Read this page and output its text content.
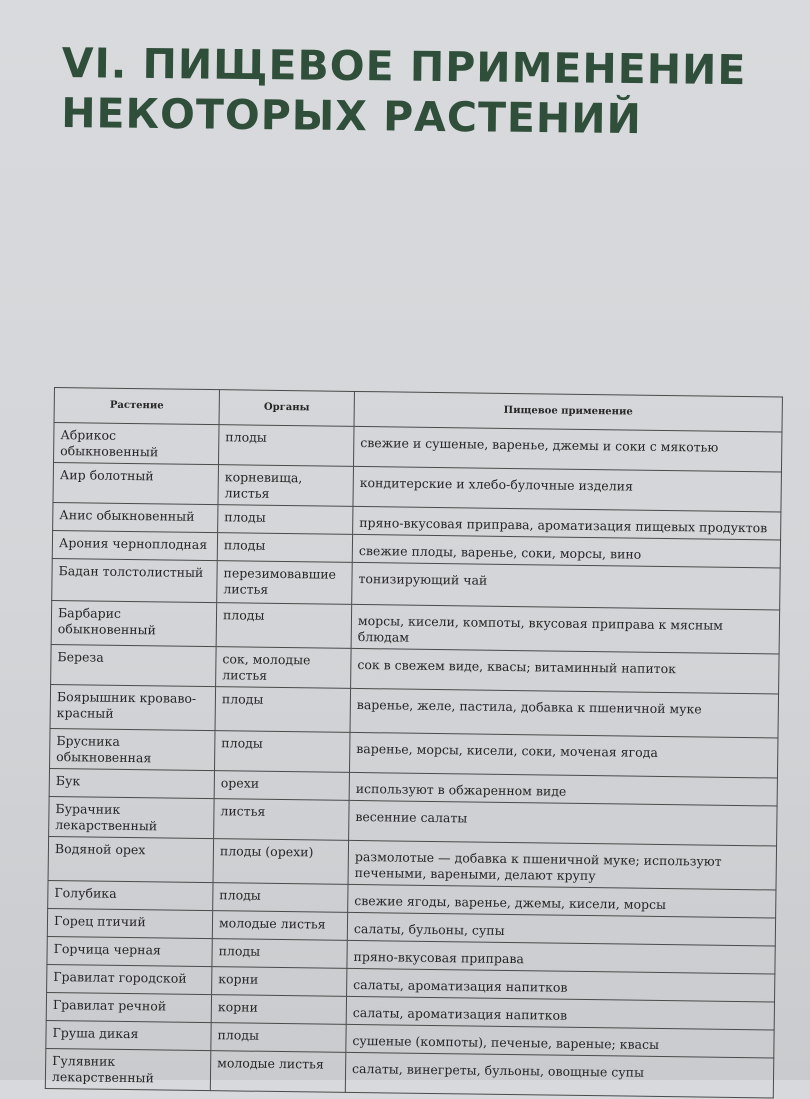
VI. ПИЩЕВОЕ ПРИМЕНЕНИЕ
НЕКОТОРЫХ РАСТЕНИЙ
Растение	Органы	Пищевое применение
Абрикос обыкновенный	плоды	свежие и сушеные, варенье, джемы и соки с мякотью
Аир болотный	корневища, листья	кондитерские и хлебо-булочные изделия
Анис обыкновенный	плоды	пряно-вкусовая приправа, ароматизация пищевых продуктов
Арония черноплодная	плоды	свежие плоды, варенье, соки, морсы, вино
Бадан толстолистный	перезимовавшие листья	тонизирующий чай
Барбарис обыкновенный	плоды	морсы, кисели, компоты, вкусовая приправа к мясным блюдам
Береза	сок, молодые листья	сок в свежем виде, квасы; витаминный напиток
Боярышник кроваво-красный	плоды	варенье, желе, пастила, добавка к пшеничной муке
Брусника обыкновенная	плоды	варенье, морсы, кисели, соки, моченая ягода
Бук	орехи	используют в обжаренном виде
Бурачник лекарственный	листья	весенние салаты
Водяной орех	плоды (орехи)	размолотые — добавка к пшеничной муке; используют печеными, вареными, делают крупу
Голубика	плоды	свежие ягоды, варенье, джемы, кисели, морсы
Горец птичий	молодые листья	салаты, бульоны, супы
Горчица черная	плоды	пряно-вкусовая приправа
Гравилат городской	корни	салаты, ароматизация напитков
Гравилат речной	корни	салаты, ароматизация напитков
Груша дикая	плоды	сушеные (компоты), печеные, вареные; квасы
Гулявник лекарственный	молодые листья	салаты, винегреты, бульоны, овощные супы
